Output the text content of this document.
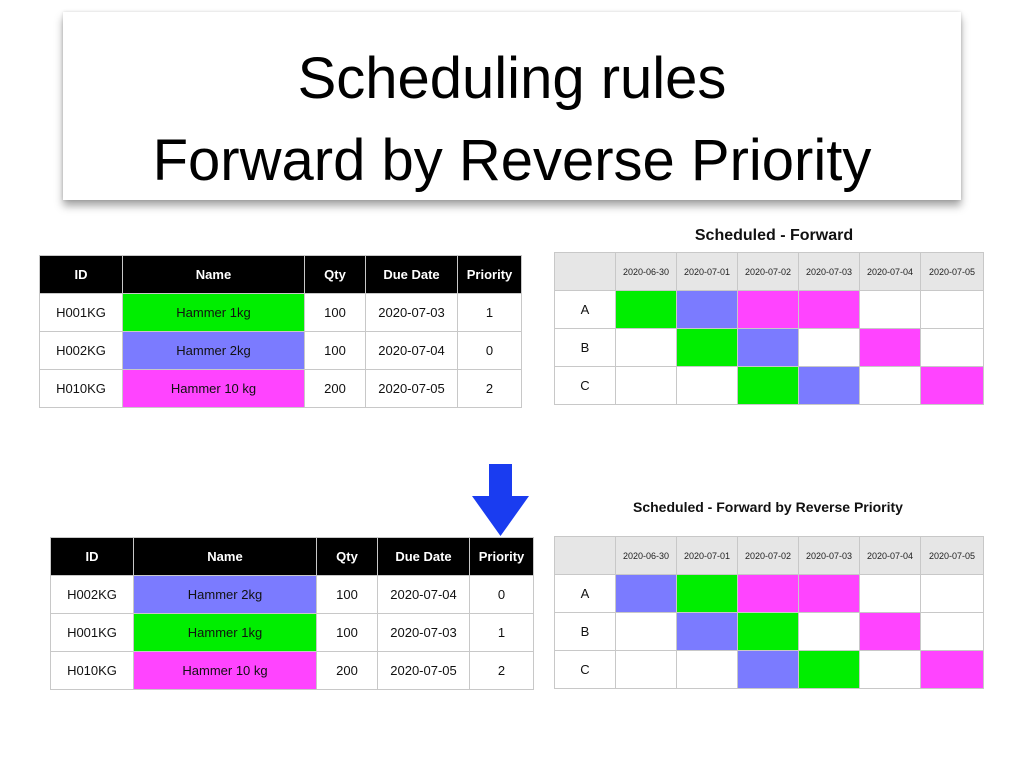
Scheduling rules
Forward by Reverse Priority
ID	Name	Qty	Due Date	Priority
H001KG	Hammer 1kg	100	2020-07-03	1
H002KG	Hammer 2kg	100	2020-07-04	0
H010KG	Hammer 10 kg	200	2020-07-05	2
Scheduled - Forward
	2020-06-30	2020-07-01	2020-07-02	2020-07-03	2020-07-04	2020-07-05
A						
B						
C						
ID	Name	Qty	Due Date	Priority
H002KG	Hammer 2kg	100	2020-07-04	0
H001KG	Hammer 1kg	100	2020-07-03	1
H010KG	Hammer 10 kg	200	2020-07-05	2
Scheduled - Forward by Reverse Priority
	2020-06-30	2020-07-01	2020-07-02	2020-07-03	2020-07-04	2020-07-05
A						
B						
C						
